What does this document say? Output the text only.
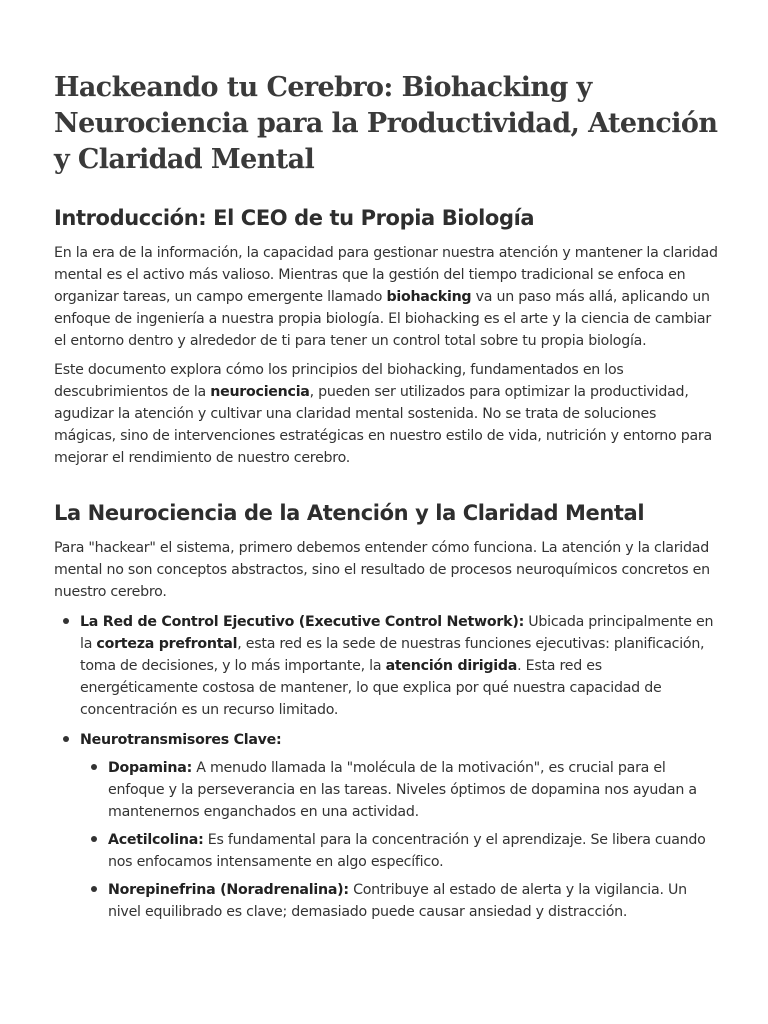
Hackeando tu Cerebro: Biohacking y Neurociencia para la Productividad, Atención y Claridad Mental
Introducción: El CEO de tu Propia Biología

En la era de la información, la capacidad para gestionar nuestra atención y mantener la claridad mental es el activo más valioso. Mientras que la gestión del tiempo tradicional se enfoca en organizar tareas, un campo emergente llamado biohacking va un paso más allá, aplicando un enfoque de ingeniería a nuestra propia biología. El biohacking es el arte y la ciencia de cambiar el entorno dentro y alrededor de ti para tener un control total sobre tu propia biología.

Este documento explora cómo los principios del biohacking, fundamentados en los descubrimientos de la neurociencia, pueden ser utilizados para optimizar la productividad, agudizar la atención y cultivar una claridad mental sostenida. No se trata de soluciones mágicas, sino de intervenciones estratégicas en nuestro estilo de vida, nutrición y entorno para mejorar el rendimiento de nuestro cerebro.

La Neurociencia de la Atención y la Claridad Mental

Para "hackear" el sistema, primero debemos entender cómo funciona. La atención y la claridad mental no son conceptos abstractos, sino el resultado de procesos neuroquímicos concretos en nuestro cerebro.

La Red de Control Ejecutivo (Executive Control Network): Ubicada principalmente en la corteza prefrontal, esta red es la sede de nuestras funciones ejecutivas: planificación, toma de decisiones, y lo más importante, la atención dirigida. Esta red es energéticamente costosa de mantener, lo que explica por qué nuestra capacidad de concentración es un recurso limitado.
Neurotransmisores Clave:
Dopamina: A menudo llamada la "molécula de la motivación", es crucial para el enfoque y la perseverancia en las tareas. Niveles óptimos de dopamina nos ayudan a mantenernos enganchados en una actividad.
Acetilcolina: Es fundamental para la concentración y el aprendizaje. Se libera cuando nos enfocamos intensamente en algo específico.
Norepinefrina (Noradrenalina): Contribuye al estado de alerta y la vigilancia. Un nivel equilibrado es clave; demasiado puede causar ansiedad y distracción.
